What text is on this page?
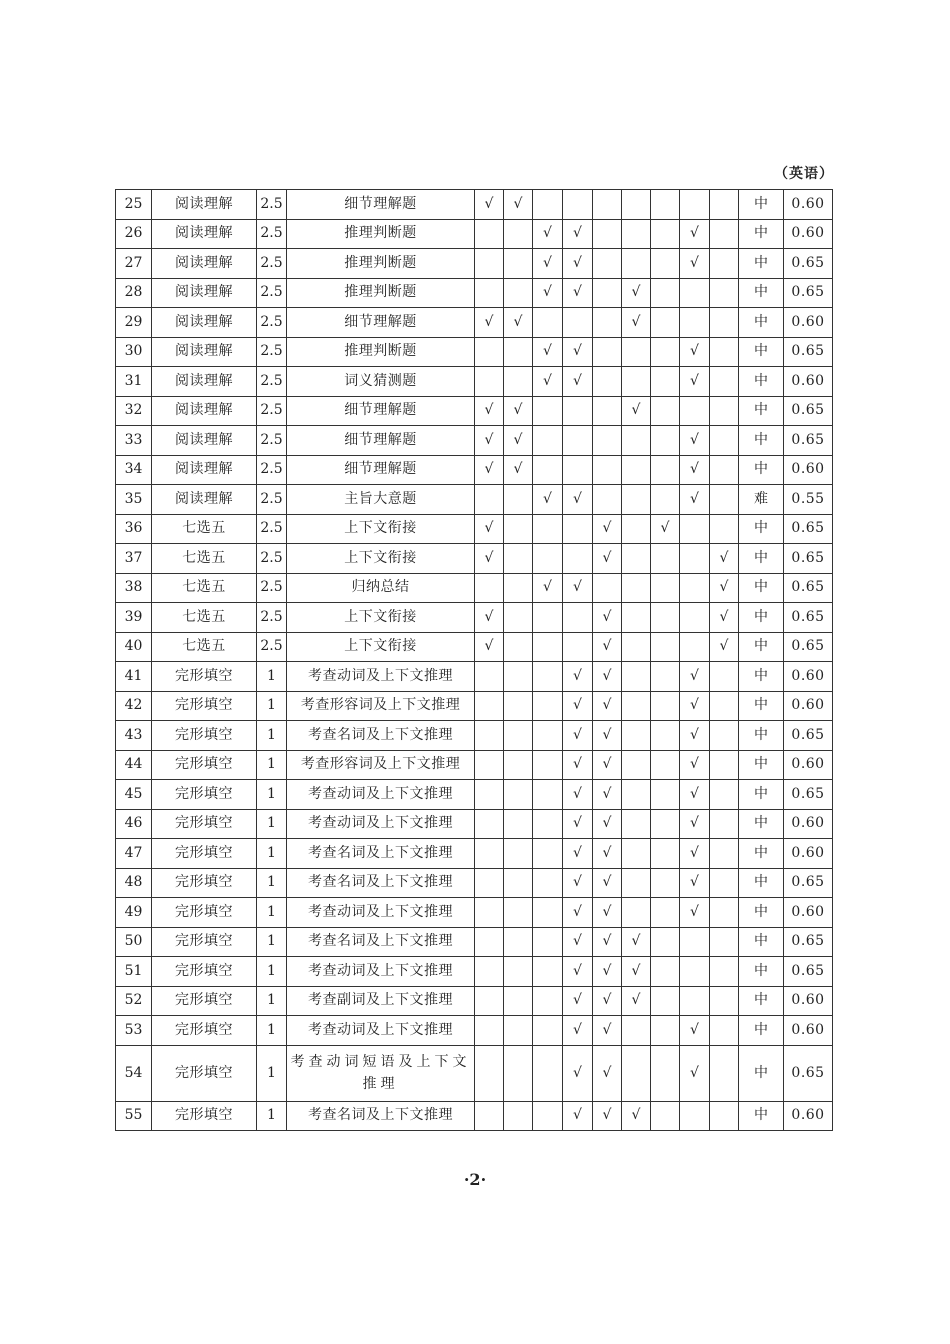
（英语）
25	阅读理解	2.5	细节理解题	√	√								中	0.60
26	阅读理解	2.5	推理判断题			√	√				√		中	0.60
27	阅读理解	2.5	推理判断题			√	√				√		中	0.65
28	阅读理解	2.5	推理判断题			√	√		√				中	0.65
29	阅读理解	2.5	细节理解题	√	√				√				中	0.60
30	阅读理解	2.5	推理判断题			√	√				√		中	0.65
31	阅读理解	2.5	词义猜测题			√	√				√		中	0.60
32	阅读理解	2.5	细节理解题	√	√				√				中	0.65
33	阅读理解	2.5	细节理解题	√	√						√		中	0.65
34	阅读理解	2.5	细节理解题	√	√						√		中	0.60
35	阅读理解	2.5	主旨大意题			√	√				√		难	0.55
36	七选五	2.5	上下文衔接	√				√		√			中	0.65
37	七选五	2.5	上下文衔接	√				√				√	中	0.65
38	七选五	2.5	归纳总结			√	√					√	中	0.65
39	七选五	2.5	上下文衔接	√				√				√	中	0.65
40	七选五	2.5	上下文衔接	√				√				√	中	0.65
41	完形填空	1	考查动词及上下文推理				√	√			√		中	0.60
42	完形填空	1	考查形容词及上下文推理				√	√			√		中	0.60
43	完形填空	1	考查名词及上下文推理				√	√			√		中	0.65
44	完形填空	1	考查形容词及上下文推理				√	√			√		中	0.60
45	完形填空	1	考查动词及上下文推理				√	√			√		中	0.65
46	完形填空	1	考查动词及上下文推理				√	√			√		中	0.60
47	完形填空	1	考查名词及上下文推理				√	√			√		中	0.60
48	完形填空	1	考查名词及上下文推理				√	√			√		中	0.65
49	完形填空	1	考查动词及上下文推理				√	√			√		中	0.60
50	完形填空	1	考查名词及上下文推理				√	√	√				中	0.65
51	完形填空	1	考查动词及上下文推理				√	√	√				中	0.65
52	完形填空	1	考查副词及上下文推理				√	√	√				中	0.60
53	完形填空	1	考查动词及上下文推理				√	√			√		中	0.60
54	完形填空	1	考查动词短语及上下文推理				√	√			√		中	0.65
55	完形填空	1	考查名词及上下文推理				√	√	√				中	0.60
·2·
